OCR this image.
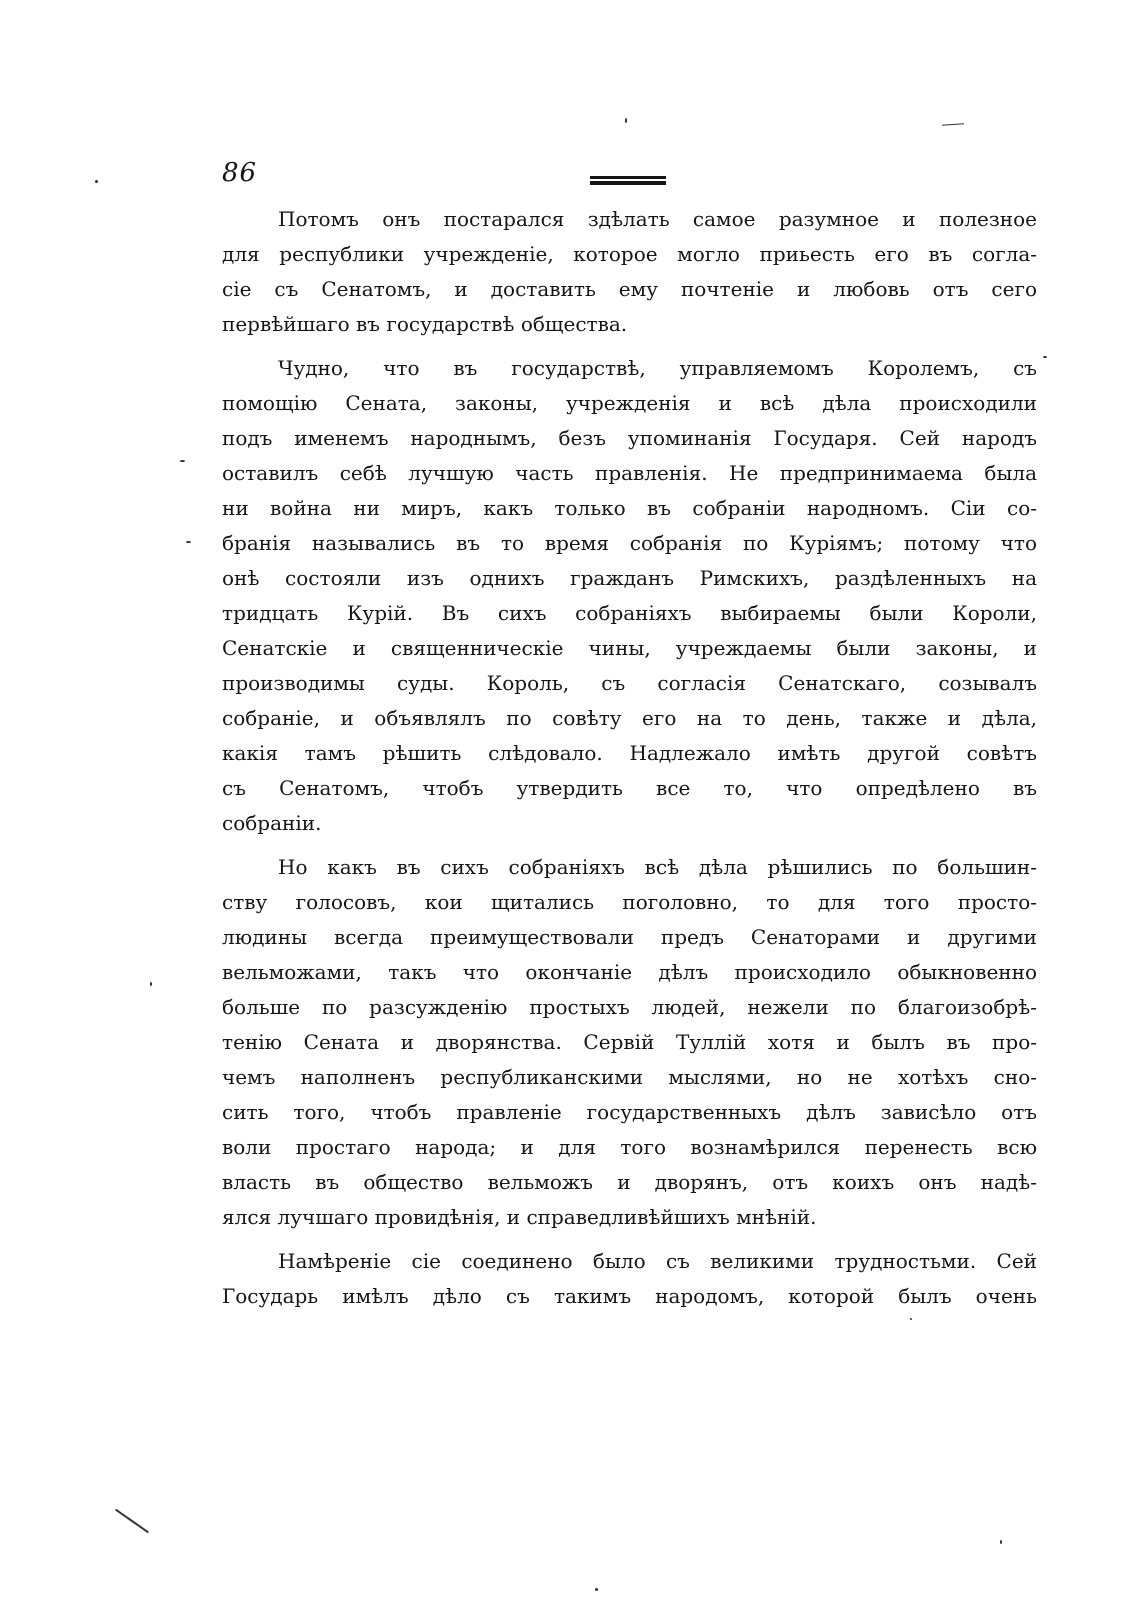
86
Потомъ онъ постарался здѣлать самое разумное и полезное
для республики учрежденіе, которое могло приьесть его въ согла-
сіе съ Сенатомъ, и доставить ему почтеніе и любовь отъ сего
первѣйшаго въ государствѣ общества.
Чудно, что въ государствѣ, управляемомъ Королемъ, съ
помощію Сената, законы, учрежденія и всѣ дѣла происходили
подъ именемъ народнымъ, безъ упоминанія Государя. Сей народъ
оставилъ себѣ лучшую часть правленія. Не предпринимаема была
ни война ни миръ, какъ только въ собраніи народномъ. Сіи со-
бранія назывались въ то время собранія по Куріямъ; потому что
онѣ состояли изъ однихъ гражданъ Римскихъ, раздѣленныхъ на
тридцать Курій. Въ сихъ собраніяхъ выбираемы были Короли,
Сенатскіе и священническіе чины, учреждаемы были законы, и
производимы суды. Король, съ согласія Сенатскаго, созывалъ
собраніе, и объявлялъ по совѣту его на то день, также и дѣла,
какія тамъ рѣшить слѣдовало. Надлежало имѣть другой совѣтъ
съ Сенатомъ, чтобъ утвердить все то, что опредѣлено въ
собраніи.
Но какъ въ сихъ собраніяхъ всѣ дѣла рѣшились по большин-
ству голосовъ, кои щитались поголовно, то для того просто-
людины всегда преимуществовали предъ Сенаторами и другими
вельможами, такъ что окончаніе дѣлъ происходило обыкновенно
больше по разсужденію простыхъ людей, нежели по благоизобрѣ-
тенію Сената и дворянства. Сервій Туллій хотя и былъ въ про-
чемъ наполненъ республиканскими мыслями, но не хотѣхъ сно-
сить того, чтобъ правленіе государственныхъ дѣлъ зависѣло отъ
воли простаго народа; и для того вознамѣрился перенесть всю
власть въ общество вельможъ и дворянъ, отъ коихъ онъ надѣ-
ялся лучшаго провидѣнія, и справедливѣйшихъ мнѣній.
Намѣреніе сіе соединено было съ великими трудностьми. Сей
Государь имѣлъ дѣло съ такимъ народомъ, которой былъ очень
